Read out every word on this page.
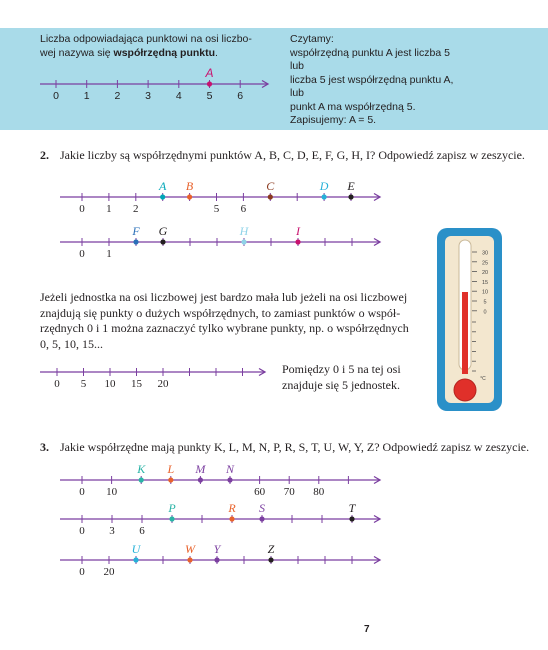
Liczba odpowiadająca punktowi na osi liczbo-
wej nazywa się współrzędną punktu.
Czytamy:
współrzędną punktu A jest liczba 5
lub
liczba 5 jest współrzędną punktu A,
lub
punkt A ma współrzędną 5.
Zapisujemy: A = 5.
2. Jakie liczby są współrzędnymi punktów A, B, C, D, E, F, G, H, I? Odpowiedź zapisz w zeszycie.
Jeżeli jednostka na osi liczbowej jest bardzo mała lub jeżeli na osi liczbowej
znajdują się punkty o dużych współrzędnych, to zamiast punktów o współ-
rzędnych 0 i 1 można zaznaczyć tylko wybrane punkty, np. o współrzędnych
0, 5, 10, 15...
Pomiędzy 0 i 5 na tej osi
znajduje się 5 jednostek.
3. Jakie współrzędne mają punkty K, L, M, N, P, R, S, T, U, W, Y, Z? Odpowiedź zapisz w zeszycie.
7
0 1 2 3 4 5 6
A
0 1 2	5 6
A B	C	D E
0 1
F G	H	I
0 5 10 15 20
0 10	60 70 80
K L M N
0 3 6
P	R S	T
0 20
U	W Y	Z
30
25
20
15
10
5
0
°C
